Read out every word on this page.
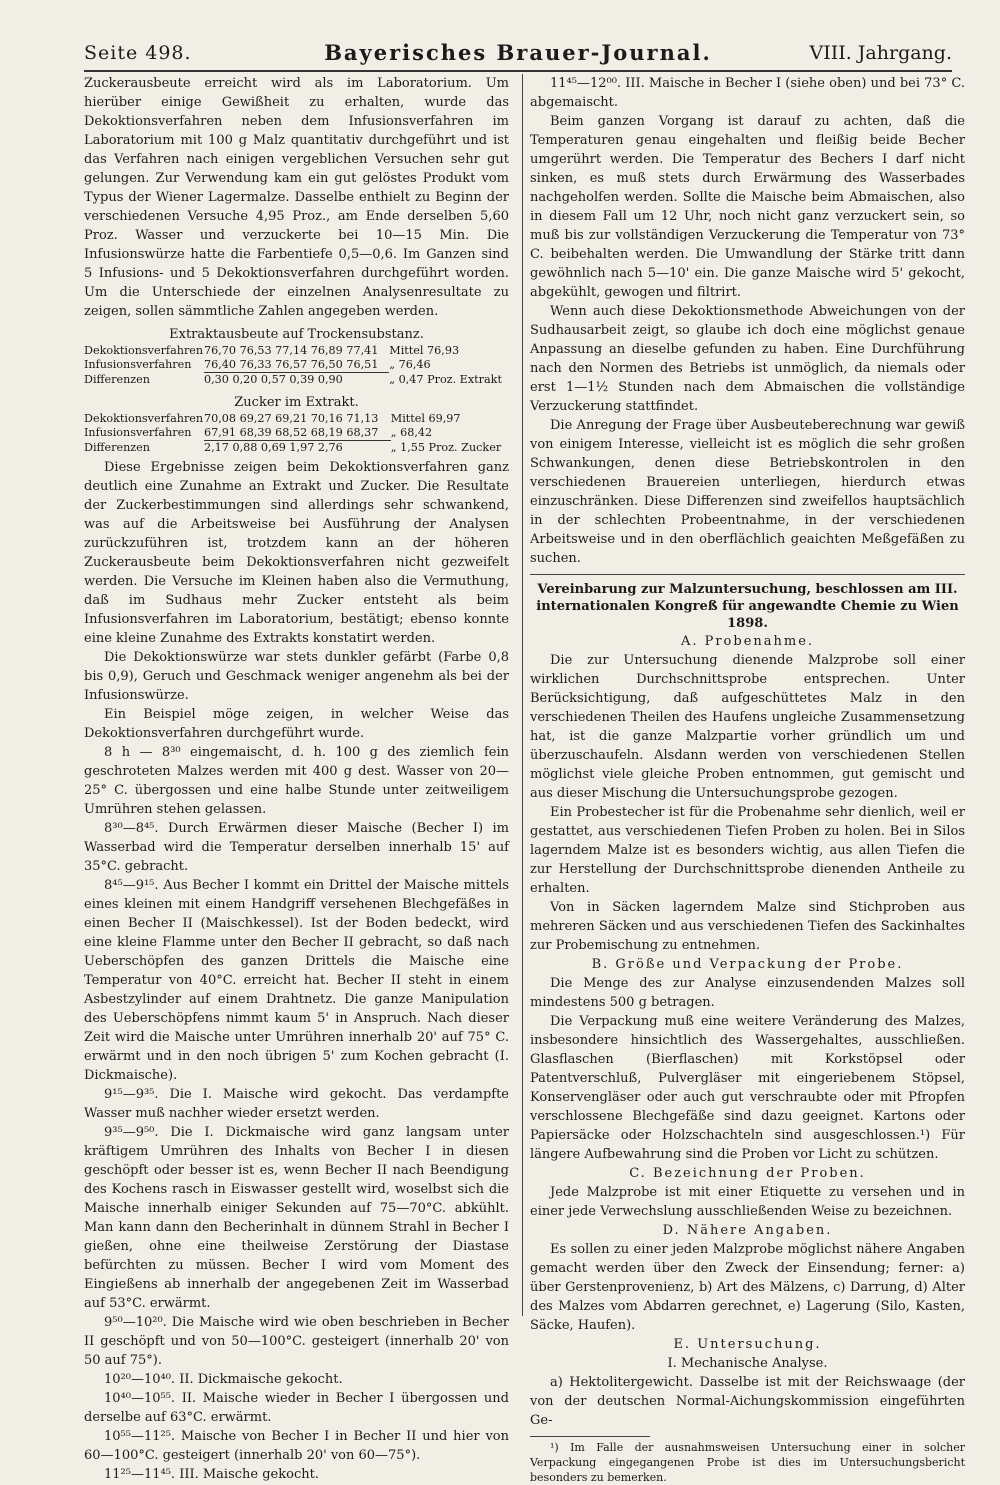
Seite 498.	Bayerisches Brauer-Journal.	VIII. Jahrgang.

Zuckerausbeute erreicht wird als im Laboratorium. Um hierüber einige Gewißheit zu erhalten, wurde das Dekoktionsverfahren neben dem Infusionsverfahren im Laboratorium mit 100 g Malz quantitativ durchgeführt und ist das Verfahren nach einigen vergeblichen Versuchen sehr gut gelungen. Zur Verwendung kam ein gut gelöstes Produkt vom Typus der Wiener Lagermalze. Dasselbe enthielt zu Beginn der verschiedenen Versuche 4,95 Proz., am Ende derselben 5,60 Proz. Wasser und verzuckerte bei 10—15 Min. Die Infusionswürze hatte die Farbentiefe 0,5—0,6. Im Ganzen sind 5 Infusions- und 5 Dekoktionsverfahren durchgeführt worden. Um die Unterschiede der einzelnen Analysenresultate zu zeigen, sollen sämmtliche Zahlen angegeben werden.

Extraktausbeute auf Trockensubstanz.

Dekoktionsverfahren	76,70 76,53 77,14 76,89 77,41	Mittel 76,93
Infusionsverfahren	76,40 76,33 76,57 76,50 76,51	„ 76,46
Differenzen	0,30 0,20 0,57 0,39 0,90	„ 0,47 Proz. Extrakt

Zucker im Extrakt.

Dekoktionsverfahren	70,08 69,27 69,21 70,16 71,13	Mittel 69,97
Infusionsverfahren	67,91 68,39 68,52 68,19 68,37	„ 68,42
Differenzen	2,17 0,88 0,69 1,97 2,76	„ 1,55 Proz. Zucker

Diese Ergebnisse zeigen beim Dekoktionsverfahren ganz deutlich eine Zunahme an Extrakt und Zucker. Die Resultate der Zuckerbestimmungen sind allerdings sehr schwankend, was auf die Arbeitsweise bei Ausführung der Analysen zurückzuführen ist, trotzdem kann an der höheren Zuckerausbeute beim Dekoktionsverfahren nicht gezweifelt werden. Die Versuche im Kleinen haben also die Vermuthung, daß im Sudhaus mehr Zucker entsteht als beim Infusionsverfahren im Laboratorium, bestätigt; ebenso konnte eine kleine Zunahme des Extrakts konstatirt werden.

Die Dekoktionswürze war stets dunkler gefärbt (Farbe 0,8 bis 0,9), Geruch und Geschmack weniger angenehm als bei der Infusionswürze.

Ein Beispiel möge zeigen, in welcher Weise das Dekoktionsverfahren durchgeführt wurde.

8 h — 8³⁰ eingemaischt, d. h. 100 g des ziemlich fein geschroteten Malzes werden mit 400 g dest. Wasser von 20—25° C. übergossen und eine halbe Stunde unter zeitweiligem Umrühren stehen gelassen.

8³⁰—8⁴⁵. Durch Erwärmen dieser Maische (Becher I) im Wasserbad wird die Temperatur derselben innerhalb 15' auf 35°C. gebracht.

8⁴⁵—9¹⁵. Aus Becher I kommt ein Drittel der Maische mittels eines kleinen mit einem Handgriff versehenen Blechgefäßes in einen Becher II (Maischkessel). Ist der Boden bedeckt, wird eine kleine Flamme unter den Becher II gebracht, so daß nach Ueberschöpfen des ganzen Drittels die Maische eine Temperatur von 40°C. erreicht hat. Becher II steht in einem Asbestzylinder auf einem Drahtnetz. Die ganze Manipulation des Ueberschöpfens nimmt kaum 5' in Anspruch. Nach dieser Zeit wird die Maische unter Umrühren innerhalb 20' auf 75° C. erwärmt und in den noch übrigen 5' zum Kochen gebracht (I. Dickmaische).

9¹⁵—9³⁵. Die I. Maische wird gekocht. Das verdampfte Wasser muß nachher wieder ersetzt werden.

9³⁵—9⁵⁰. Die I. Dickmaische wird ganz langsam unter kräftigem Umrühren des Inhalts von Becher I in diesen geschöpft oder besser ist es, wenn Becher II nach Beendigung des Kochens rasch in Eiswasser gestellt wird, woselbst sich die Maische innerhalb einiger Sekunden auf 75—70°C. abkühlt. Man kann dann den Becherinhalt in dünnem Strahl in Becher I gießen, ohne eine theilweise Zerstörung der Diastase befürchten zu müssen. Becher I wird vom Moment des Eingießens ab innerhalb der angegebenen Zeit im Wasserbad auf 53°C. erwärmt.

9⁵⁰—10²⁰. Die Maische wird wie oben beschrieben in Becher II geschöpft und von 50—100°C. gesteigert (innerhalb 20' von 50 auf 75°).

10²⁰—10⁴⁰. II. Dickmaische gekocht.

10⁴⁰—10⁵⁵. II. Maische wieder in Becher I übergossen und derselbe auf 63°C. erwärmt.

10⁵⁵—11²⁵. Maische von Becher I in Becher II und hier von 60—100°C. gesteigert (innerhalb 20' von 60—75°).

11²⁵—11⁴⁵. III. Maische gekocht.

11⁴⁵—12⁰⁰. III. Maische in Becher I (siehe oben) und bei 73° C. abgemaischt.

Beim ganzen Vorgang ist darauf zu achten, daß die Temperaturen genau eingehalten und fleißig beide Becher umgerührt werden. Die Temperatur des Bechers I darf nicht sinken, es muß stets durch Erwärmung des Wasserbades nachgeholfen werden. Sollte die Maische beim Abmaischen, also in diesem Fall um 12 Uhr, noch nicht ganz verzuckert sein, so muß bis zur vollständigen Verzuckerung die Temperatur von 73° C. beibehalten werden. Die Umwandlung der Stärke tritt dann gewöhnlich nach 5—10' ein. Die ganze Maische wird 5' gekocht, abgekühlt, gewogen und filtrirt.

Wenn auch diese Dekoktionsmethode Abweichungen von der Sudhausarbeit zeigt, so glaube ich doch eine möglichst genaue Anpassung an dieselbe gefunden zu haben. Eine Durchführung nach den Normen des Betriebs ist unmöglich, da niemals oder erst 1—1½ Stunden nach dem Abmaischen die vollständige Verzuckerung stattfindet.

Die Anregung der Frage über Ausbeuteberechnung war gewiß von einigem Interesse, vielleicht ist es möglich die sehr großen Schwankungen, denen diese Betriebskontrolen in den verschiedenen Brauereien unterliegen, hierdurch etwas einzuschränken. Diese Differenzen sind zweifellos hauptsächlich in der schlechten Probeentnahme, in der verschiedenen Arbeitsweise und in den oberflächlich geaichten Meßgefäßen zu suchen.

Vereinbarung zur Malzuntersuchung, beschlossen am III. internationalen Kongreß für angewandte Chemie zu Wien 1898.

A. Probenahme.

Die zur Untersuchung dienende Malzprobe soll einer wirklichen Durchschnittsprobe entsprechen. Unter Berücksichtigung, daß aufgeschüttetes Malz in den verschiedenen Theilen des Haufens ungleiche Zusammensetzung hat, ist die ganze Malzpartie vorher gründlich um und überzuschaufeln. Alsdann werden von verschiedenen Stellen möglichst viele gleiche Proben entnommen, gut gemischt und aus dieser Mischung die Untersuchungsprobe gezogen.

Ein Probestecher ist für die Probenahme sehr dienlich, weil er gestattet, aus verschiedenen Tiefen Proben zu holen. Bei in Silos lagerndem Malze ist es besonders wichtig, aus allen Tiefen die zur Herstellung der Durchschnittsprobe dienenden Antheile zu erhalten.

Von in Säcken lagerndem Malze sind Stichproben aus mehreren Säcken und aus verschiedenen Tiefen des Sackinhaltes zur Probemischung zu entnehmen.

B. Größe und Verpackung der Probe.

Die Menge des zur Analyse einzusendenden Malzes soll mindestens 500 g betragen.

Die Verpackung muß eine weitere Veränderung des Malzes, insbesondere hinsichtlich des Wassergehaltes, ausschließen. Glasflaschen (Bierflaschen) mit Korkstöpsel oder Patentverschluß, Pulvergläser mit eingeriebenem Stöpsel, Konservengläser oder auch gut verschraubte oder mit Pfropfen verschlossene Blechgefäße sind dazu geeignet. Kartons oder Papiersäcke oder Holzschachteln sind ausgeschlossen.¹) Für längere Aufbewahrung sind die Proben vor Licht zu schützen.

C. Bezeichnung der Proben.

Jede Malzprobe ist mit einer Etiquette zu versehen und in einer jede Verwechslung ausschließenden Weise zu bezeichnen.

D. Nähere Angaben.

Es sollen zu einer jeden Malzprobe möglichst nähere Angaben gemacht werden über den Zweck der Einsendung; ferner: a) über Gerstenprovenienz, b) Art des Mälzens, c) Darrung, d) Alter des Malzes vom Abdarren gerechnet, e) Lagerung (Silo, Kasten, Säcke, Haufen).

E. Untersuchung.

I. Mechanische Analyse.

a) Hektolitergewicht. Dasselbe ist mit der Reichswaage (der von der deutschen Normal-Aichungskommission eingeführten Ge-

¹) Im Falle der ausnahmsweisen Untersuchung einer in solcher Verpackung eingegangenen Probe ist dies im Untersuchungsbericht besonders zu bemerken.
